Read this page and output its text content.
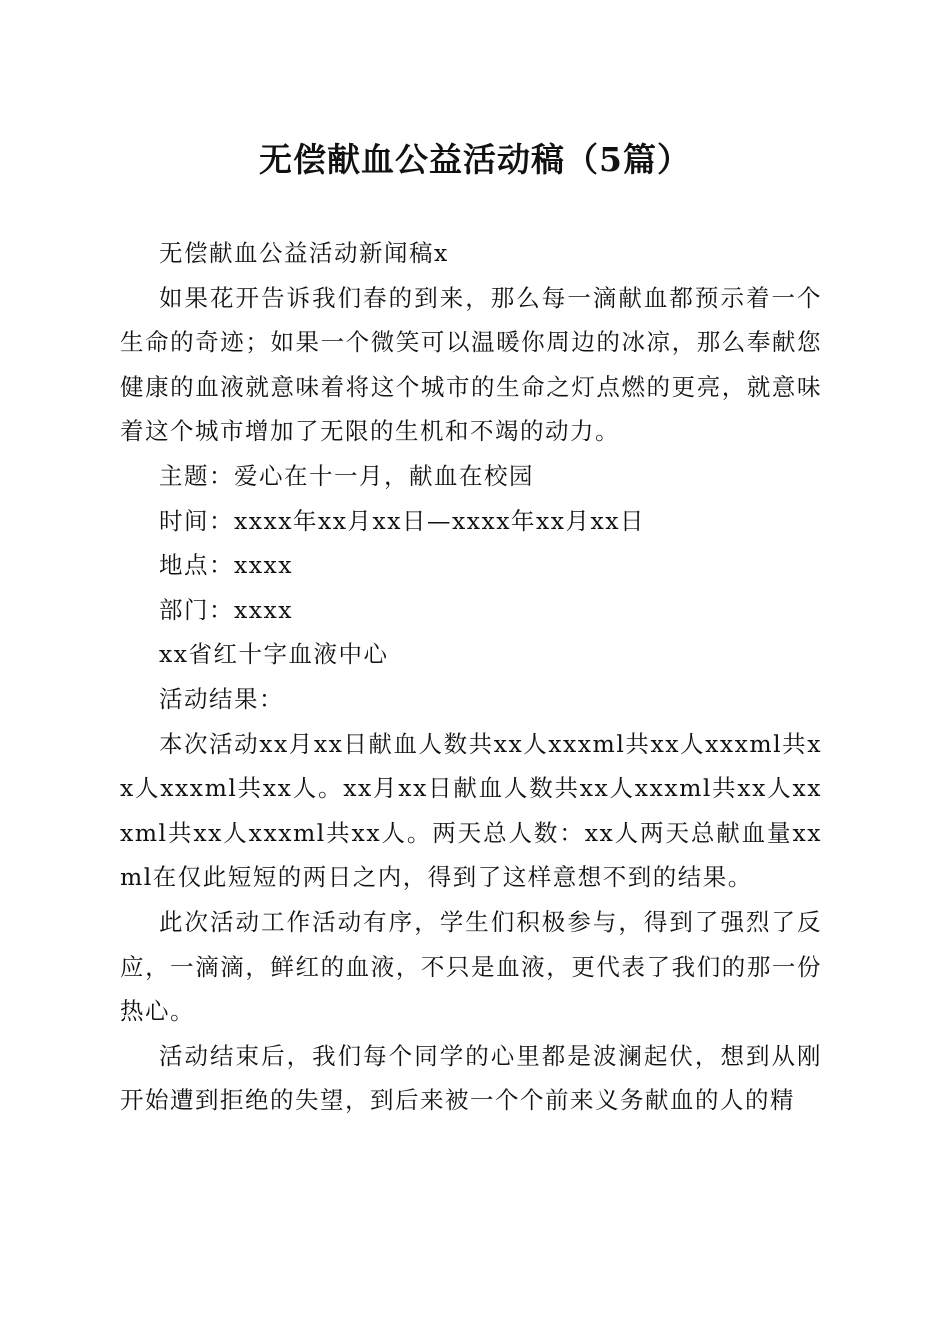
无偿献血公益活动稿（5篇）

无偿献血公益活动新闻稿x

如果花开告诉我们春的到来，那么每一滴献血都预示着一个生命的奇迹；如果一个微笑可以温暖你周边的冰凉，那么奉献您健康的血液就意味着将这个城市的生命之灯点燃的更亮，就意味着这个城市增加了无限的生机和不竭的动力。

主题：爱心在十一月，献血在校园

时间：xxxx年xx月xx日—xxxx年xx月xx日

地点：xxxx

部门：xxxx

xx省红十字血液中心

活动结果：

本次活动xx月xx日献血人数共xx人xxxml共xx人xxxml共xx人xxxml共xx人。xx月xx日献血人数共xx人xxxml共xx人xxxml共xx人xxxml共xx人。两天总人数：xx人两天总献血量xxml在仅此短短的两日之内，得到了这样意想不到的结果。

此次活动工作活动有序，学生们积极参与，得到了强烈了反应，一滴滴，鲜红的血液，不只是血液，更代表了我们的那一份热心。

活动结束后，我们每个同学的心里都是波澜起伏，想到从刚开始遭到拒绝的失望，到后来被一个个前来义务献血的人的精
